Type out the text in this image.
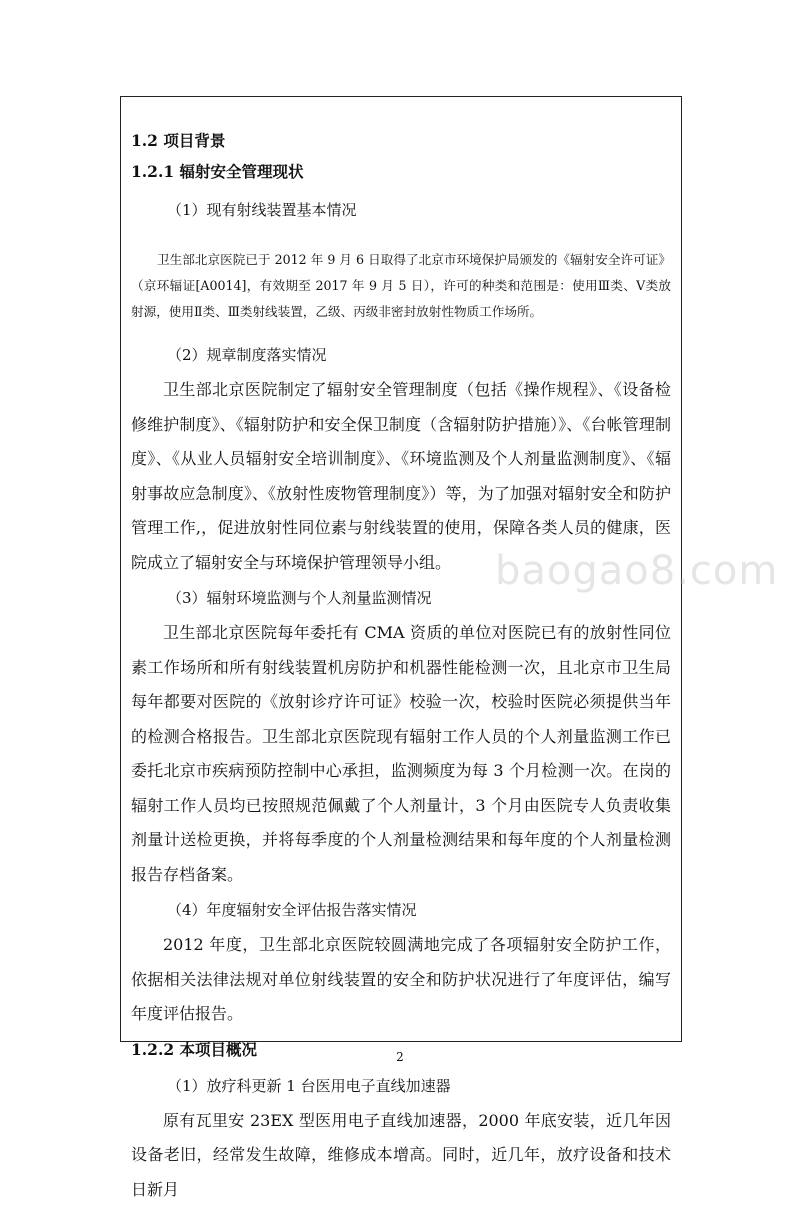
1.2 项目背景

1.2.1 辐射安全管理现状

（1）现有射线装置基本情况

卫生部北京医院已于 2012 年 9 月 6 日取得了北京市环境保护局颁发的《辐射安全许可证》（京环辐证[A0014]，有效期至 2017 年 9 月 5 日），许可的种类和范围是：使用Ⅲ类、Ⅴ类放射源，使用Ⅱ类、Ⅲ类射线装置，乙级、丙级非密封放射性物质工作场所。

（2）规章制度落实情况

卫生部北京医院制定了辐射安全管理制度（包括《操作规程》、《设备检修维护制度》、《辐射防护和安全保卫制度（含辐射防护措施）》、《台帐管理制度》、《从业人员辐射安全培训制度》、《环境监测及个人剂量监测制度》、《辐射事故应急制度》、《放射性废物管理制度》）等，为了加强对辐射安全和防护管理工作,，促进放射性同位素与射线装置的使用，保障各类人员的健康，医院成立了辐射安全与环境保护管理领导小组。

（3）辐射环境监测与个人剂量监测情况

卫生部北京医院每年委托有 CMA 资质的单位对医院已有的放射性同位素工作场所和所有射线装置机房防护和机器性能检测一次，且北京市卫生局每年都要对医院的《放射诊疗许可证》校验一次，校验时医院必须提供当年的检测合格报告。卫生部北京医院现有辐射工作人员的个人剂量监测工作已委托北京市疾病预防控制中心承担，监测频度为每 3 个月检测一次。在岗的辐射工作人员均已按照规范佩戴了个人剂量计，3 个月由医院专人负责收集剂量计送检更换，并将每季度的个人剂量检测结果和每年度的个人剂量检测报告存档备案。

（4）年度辐射安全评估报告落实情况

2012 年度，卫生部北京医院较圆满地完成了各项辐射安全防护工作，依据相关法律法规对单位射线装置的安全和防护状况进行了年度评估，编写年度评估报告。

1.2.2 本项目概况

（1）放疗科更新 1 台医用电子直线加速器

原有瓦里安 23EX 型医用电子直线加速器，2000 年底安装，近几年因设备老旧，经常发生故障，维修成本增高。同时，近几年，放疗设备和技术日新月

baogao8.com
2
